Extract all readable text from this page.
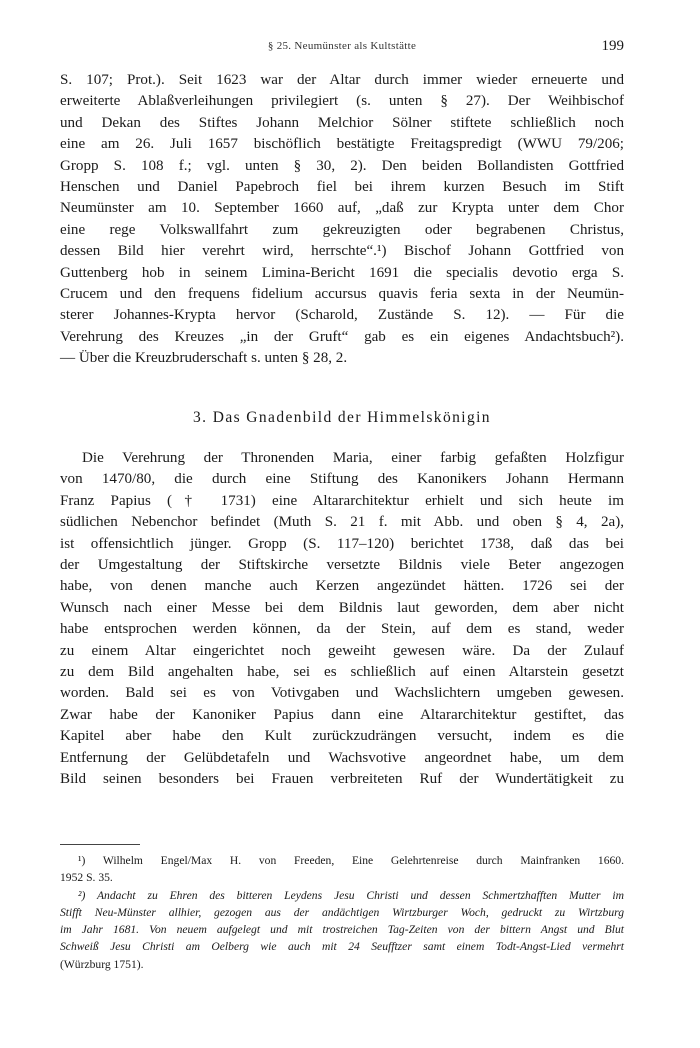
§ 25. Neumünster als Kultstätte	199

S. 107; Prot.). Seit 1623 war der Altar durch immer wieder erneuerte und
erweiterte Ablaßverleihungen privilegiert (s. unten § 27). Der Weihbischof
und Dekan des Stiftes Johann Melchior Sölner stiftete schließlich noch
eine am 26. Juli 1657 bischöflich bestätigte Freitagspredigt (WWU 79/206;
Gropp S. 108 f.; vgl. unten § 30, 2). Den beiden Bollandisten Gottfried
Henschen und Daniel Papebroch fiel bei ihrem kurzen Besuch im Stift
Neumünster am 10. September 1660 auf, „daß zur Krypta unter dem Chor
eine rege Volkswallfahrt zum gekreuzigten oder begrabenen Christus,
dessen Bild hier verehrt wird, herrschte“.¹) Bischof Johann Gottfried von
Guttenberg hob in seinem Limina-Bericht 1691 die specialis devotio erga S.
Crucem und den frequens fidelium accursus quavis feria sexta in der Neumün-
sterer Johannes-Krypta hervor (Scharold, Zustände S. 12). — Für die
Verehrung des Kreuzes „in der Gruft“ gab es ein eigenes Andachtsbuch²).
— Über die Kreuzbruderschaft s. unten § 28, 2.

3. Das Gnadenbild der Himmelskönigin

Die Verehrung der Thronenden Maria, einer farbig gefaßten Holzfigur
von 1470/80, die durch eine Stiftung des Kanonikers Johann Hermann
Franz Papius († 1731) eine Altararchitektur erhielt und sich heute im
südlichen Nebenchor befindet (Muth S. 21 f. mit Abb. und oben § 4, 2a),
ist offensichtlich jünger. Gropp (S. 117–120) berichtet 1738, daß das bei
der Umgestaltung der Stiftskirche versetzte Bildnis viele Beter angezogen
habe, von denen manche auch Kerzen angezündet hätten. 1726 sei der
Wunsch nach einer Messe bei dem Bildnis laut geworden, dem aber nicht
habe entsprochen werden können, da der Stein, auf dem es stand, weder
zu einem Altar eingerichtet noch geweiht gewesen wäre. Da der Zulauf
zu dem Bild angehalten habe, sei es schließlich auf einen Altarstein gesetzt
worden. Bald sei es von Votivgaben und Wachslichtern umgeben gewesen.
Zwar habe der Kanoniker Papius dann eine Altararchitektur gestiftet, das
Kapitel aber habe den Kult zurückzudrängen versucht, indem es die
Entfernung der Gelübdetafeln und Wachsvotive angeordnet habe, um dem
Bild seinen besonders bei Frauen verbreiteten Ruf der Wundertätigkeit zu

¹) Wilhelm Engel/Max H. von Freeden, Eine Gelehrtenreise durch Mainfranken 1660.
1952 S. 35.

²) Andacht zu Ehren des bitteren Leydens Jesu Christi und dessen Schmertzhafften Mutter im
Stifft Neu-Münster allhier, gezogen aus der andächtigen Wirtzburger Woch, gedruckt zu Wirtzburg
im Jahr 1681. Von neuem aufgelegt und mit trostreichen Tag-Zeiten von der bittern Angst und Blut
Schweiß Jesu Christi am Oelberg wie auch mit 24 Seufftzer samt einem Todt-Angst-Lied vermehrt
(Würzburg 1751).
